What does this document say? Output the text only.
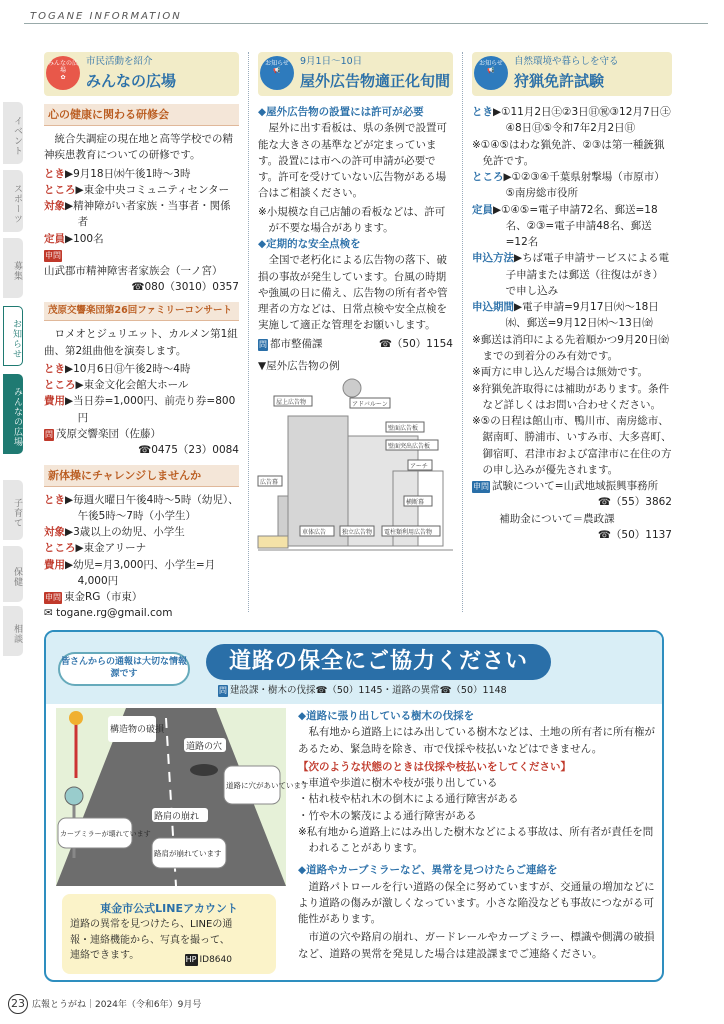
TOGANE INFORMATION
イベント
スポーツ
募集
お知らせ
みんなの広場
子育て
保健
相談
みんなの広場
✿
市民活動を紹介
みんなの広場
心の健康に関わる研修会
統合失調症の現在地と高等学校での精神疾患教育についての研修です。
とき▶9月18日㈬午後1時～3時
ところ▶東金中央コミュニティセンター
対象▶精神障がい者家族・当事者・関係者
定員▶100名
申問山武郡市精神障害者家族会（一ノ宮）
☎080（3010）0357
茂原交響楽団第26回ファミリーコンサート
ロメオとジュリエット、カルメン第1組曲、第2組曲他を演奏します。
とき▶10月6日㊐午後2時～4時
ところ▶東金文化会館大ホール
費用▶当日券=1,000円、前売り券=800円
問 茂原交響楽団（佐藤）
☎0475（23）0084
新体操にチャレンジしませんか
とき▶毎週火曜日午後4時～5時（幼児）、午後5時～7時（小学生）
対象▶3歳以上の幼児、小学生
ところ▶東金アリーナ
費用▶幼児=月3,000円、小学生=月4,000円
申問 東金RG（市東）
✉ togane.rg@gmail.com
お知らせ
📢
9月1日～10日
屋外広告物適正化旬間
◆屋外広告物の設置には許可が必要
屋外に出す看板は、県の条例で設置可能な大きさの基準などが定まっています。設置には市への許可申請が必要です。許可を受けていない広告物がある場合はご相談ください。
※小規模な自己店舗の看板などは、許可が不要な場合があります。
◆定期的な安全点検を
全国で老朽化による広告物の落下、破損の事故が発生しています。台風の時期や強風の日に備え、広告物の所有者や管理者の方などは、日常点検や安全点検を実施して適正な管理をお願いします。
問 都市整備課	☎（50）1154
▼屋外広告物の例
屋上広告物	アドバルーン
壁面広告板
壁面突出広告板
広告幕
アーチ
横断幕
車体広告	独立広告物 電柱類利用広告物
お知らせ
📢
自然環境や暮らしを守る
狩猟免許試験
とき▶①11月2日㊏②3日㊐㊗③12月7日㊏④8日㊐⑤令和7年2月2日㊐
※①④⑤はわな猟免許、②③は第一種銃猟免許です。
ところ▶①②③④千葉県射撃場（市原市）⑤南房総市役所
定員▶①④⑤=電子申請72名、郵送=18名、②③=電子申請48名、郵送=12名
申込方法▶ちば電子申請サービスによる電子申請または郵送（往復はがき）で申し込み
申込期間▶電子申請=9月17日㈫～18日㈬、郵送=9月12日㈭～13日㈮
※郵送は消印による先着順かつ9月20日㈮までの到着分のみ有効です。
※両方に申し込んだ場合は無効です。
※狩猟免許取得には補助があります。条件など詳しくはお問い合わせください。
※⑤の日程は館山市、鴨川市、南房総市、鋸南町、勝浦市、いすみ市、大多喜町、御宿町、君津市および富津市に在住の方の申し込みが優先されます。
申問 試験について=山武地域振興事務所
☎（55）3862
補助金について＝農政課
☎（50）1137
皆さんからの通報は大切な情報源です
道路の保全にご協力ください
問 建設課・樹木の伐採☎（50）1145・道路の異常☎（50）1148
構造物の破損
道路の穴
道路に穴があいています
路肩の崩れ
カーブミラーが壊れています
路肩が崩れています
東金市公式LINEアカウント
道路の異常を見つけたら、LINEの通報・連絡機能から、写真を撮って、連絡できます。	HP ID8640
◆道路に張り出している樹木の伐採を
私有地から道路上にはみ出している樹木などは、土地の所有者に所有権があるため、緊急時を除き、市で伐採や枝払いなどはできません。
【次のような状態のときは伐採や枝払いをしてください】
・車道や歩道に樹木や枝が張り出している
・枯れ枝や枯れ木の倒木による通行障害がある
・竹や木の繁茂による通行障害がある
※私有地から道路上にはみ出した樹木などによる事故は、所有者が責任を問われることがあります。
◆道路やカーブミラーなど、異常を見つけたらご連絡を
道路パトロールを行い道路の保全に努めていますが、交通量の増加などにより道路の傷みが激しくなっています。小さな陥没なども事故につながる可能性があります。
市道の穴や路肩の崩れ、ガードレールやカーブミラー、標識や側溝の破損など、道路の異常を発見した場合は建設課までご連絡ください。
23 広報とうがね｜2024年（令和6年）9月号
